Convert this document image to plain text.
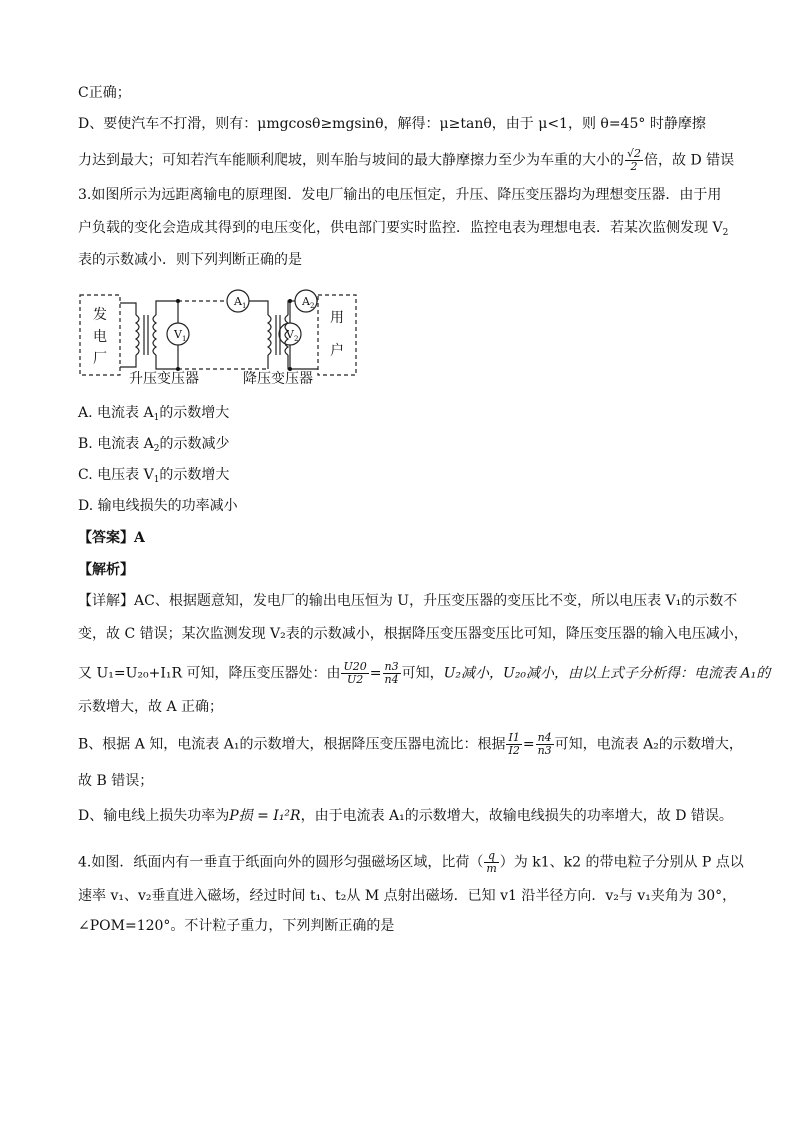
C正确；
D、要使汽车不打滑，则有：μmgcosθ≥mgsinθ，解得：μ≥tanθ，由于 μ<1，则 θ=45° 时静摩擦
力达到最大；可知若汽车能顺利爬坡，则车胎与坡间的最大静摩擦力至少为车重的大小的 $\frac{√2}{2}$ 倍，故 D 错误
3.如图所示为远距离输电的原理图．发电厂输出的电压恒定，升压、降压变压器均为理想变压器．由于用
户负载的变化会造成其得到的电压变化，供电部门要实时监控．监控电表为理想电表．若某次监侧发现 $V_2$
表的示数减小．则下列判断正确的是
V
A
V
A
1
1
2
2
发
电
厂
用
户
升压变压器	降压变压器
A. 电流表 $A_1$的示数增大
B. 电流表 $A_2$的示数减少
C. 电压表 $V_1$的示数增大
D. 输电线损失的功率减小
【答案】A
【解析】
【详解】AC、根据题意知，发电厂的输出电压恒为 U，升压变压器的变压比不变，所以电压表 V₁的示数不
变，故 C 错误；某次监测发现 V₂表的示数减小，根据降压变压器变压比可知，降压变压器的输入电压减小，
又 U₁=U₂₀+I₁R 可知，降压变压器处：由 $\frac{U20}{U2} = \frac{n3}{n4}$ 可知，U₂减小，U₂₀减小，由以上式子分析得：电流表 A₁的
示数增大，故 A 正确；
B、根据 A 知，电流表 A₁的示数增大，根据降压变压器电流比：根据 $\frac{I1}{I2} = \frac{n4}{n3}$ 可知，电流表 A₂的示数增大，
故 B 错误；
D、输电线上损失功率为P损 = I₁²R，由于电流表 A₁的示数增大，故输电线损失的功率增大，故 D 错误。
4.如图．纸面内有一垂直于纸面向外的圆形匀强磁场区域，比荷（ $\frac{q}{m}$ ）为 k1、k2 的带电粒子分别从 P 点以
速率 v₁、v₂垂直进入磁场，经过时间 t₁、t₂从 M 点射出磁场．已知 v1 沿半径方向．v₂与 v₁夹角为 30°，
∠POM=120°。不计粒子重力，下列判断正确的是
